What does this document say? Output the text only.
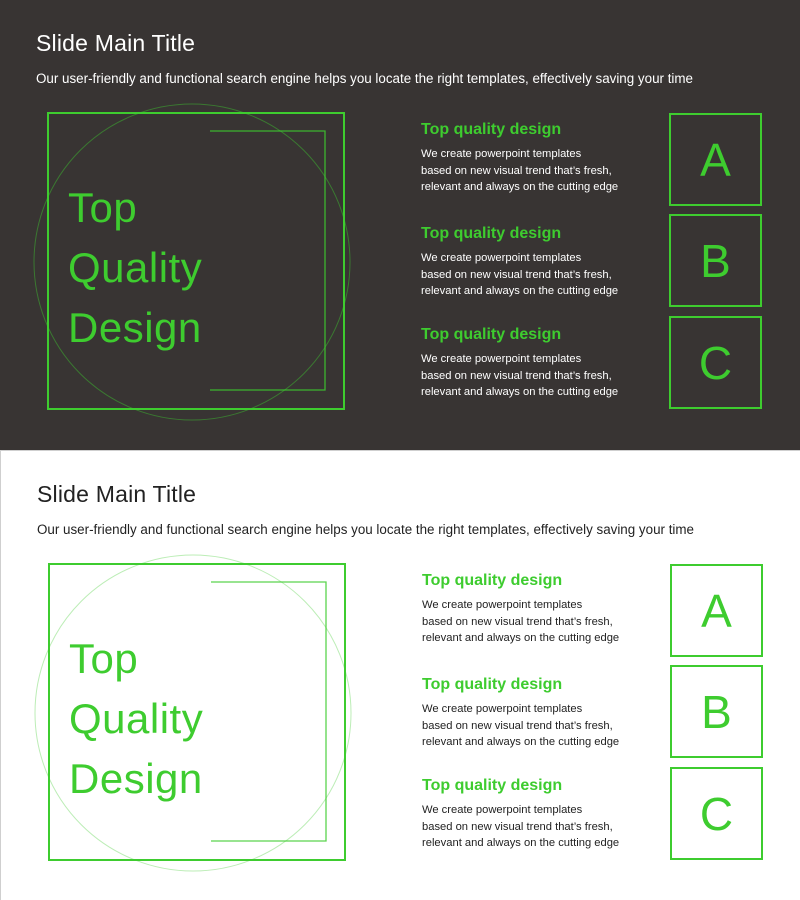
Slide Main Title
Our user-friendly and functional search engine helps you locate the right templates, effectively saving your time
Top
Quality
Design
Top quality design
We create powerpoint templates
based on new visual trend that’s fresh,
relevant and always on the cutting edge
Top quality design
We create powerpoint templates
based on new visual trend that’s fresh,
relevant and always on the cutting edge
Top quality design
We create powerpoint templates
based on new visual trend that’s fresh,
relevant and always on the cutting edge
A
B
C
Slide Main Title
Our user-friendly and functional search engine helps you locate the right templates, effectively saving your time
Top
Quality
Design
Top quality design
We create powerpoint templates
based on new visual trend that’s fresh,
relevant and always on the cutting edge
Top quality design
We create powerpoint templates
based on new visual trend that’s fresh,
relevant and always on the cutting edge
Top quality design
We create powerpoint templates
based on new visual trend that’s fresh,
relevant and always on the cutting edge
A
B
C
